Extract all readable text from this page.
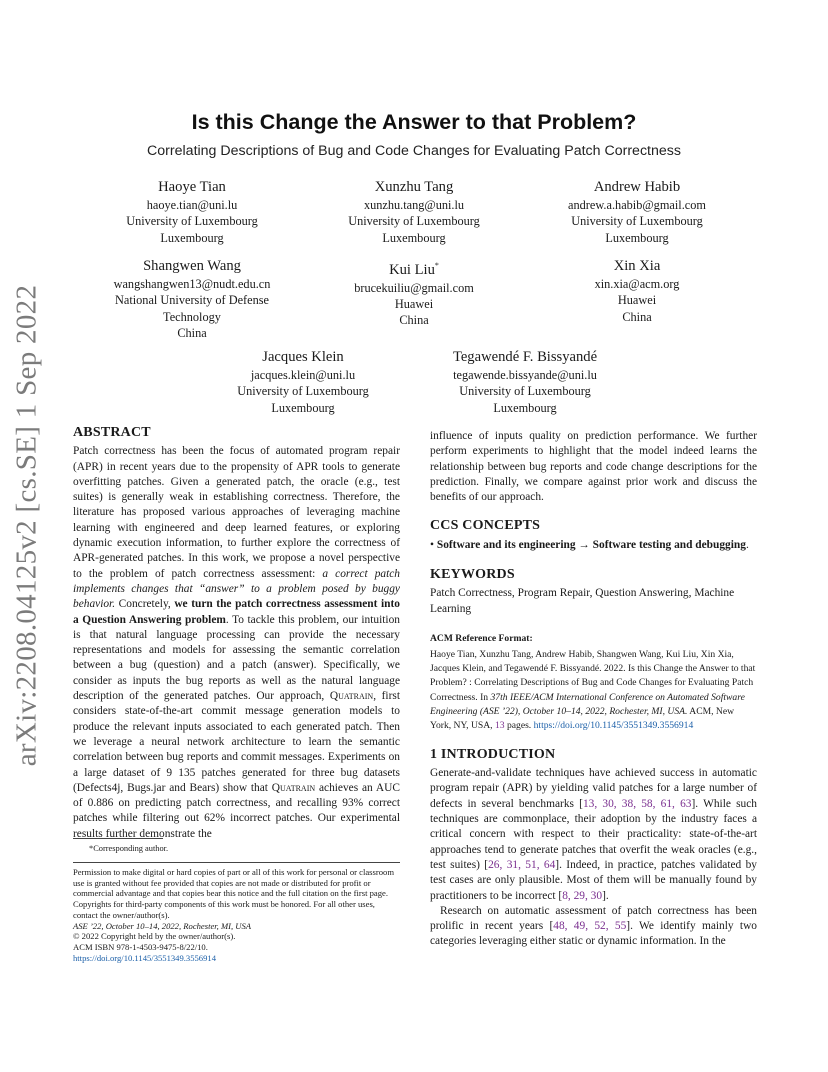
arXiv:2208.04125v2 [cs.SE] 1 Sep 2022
Is this Change the Answer to that Problem?
Correlating Descriptions of Bug and Code Changes for Evaluating Patch Correctness
Haoye Tian
haoye.tian@uni.lu
University of Luxembourg
Luxembourg
Xunzhu Tang
xunzhu.tang@uni.lu
University of Luxembourg
Luxembourg
Andrew Habib
andrew.a.habib@gmail.com
University of Luxembourg
Luxembourg
Shangwen Wang
wangshangwen13@nudt.edu.cn
National University of Defense
Technology
China
Kui Liu*
brucekuiliu@gmail.com
Huawei
China
Xin Xia
xin.xia@acm.org
Huawei
China
Jacques Klein
jacques.klein@uni.lu
University of Luxembourg
Luxembourg
Tegawendé F. Bissyandé
tegawende.bissyande@uni.lu
University of Luxembourg
Luxembourg
ABSTRACT

Patch correctness has been the focus of automated program repair (APR) in recent years due to the propensity of APR tools to generate overfitting patches. Given a generated patch, the oracle (e.g., test suites) is generally weak in establishing correctness. Therefore, the literature has proposed various approaches of leveraging machine learning with engineered and deep learned features, or exploring dynamic execution information, to further explore the correctness of APR-generated patches. In this work, we propose a novel perspective to the problem of patch correctness assessment: a correct patch implements changes that “answer” to a problem posed by buggy behavior. Concretely, we turn the patch correctness assessment into a Question Answering problem. To tackle this problem, our intuition is that natural language processing can provide the necessary representations and models for assessing the semantic correlation between a bug (question) and a patch (answer). Specifically, we consider as inputs the bug reports as well as the natural language description of the generated patches. Our approach, Quatrain, first considers state-of-the-art commit message generation models to produce the relevant inputs associated to each generated patch. Then we leverage a neural network architecture to learn the semantic correlation between bug reports and commit messages. Experiments on a large dataset of 9 135 patches generated for three bug datasets (Defects4j, Bugs.jar and Bears) show that Quatrain achieves an AUC of 0.886 on predicting patch correctness, and recalling 93% correct patches while filtering out 62% incorrect patches. Our experimental results further demonstrate the

*Corresponding author.
Permission to make digital or hard copies of part or all of this work for personal or classroom use is granted without fee provided that copies are not made or distributed for profit or commercial advantage and that copies bear this notice and the full citation on the first page. Copyrights for third-party components of this work must be honored. For all other uses, contact the owner/author(s).
ASE ’22, October 10–14, 2022, Rochester, MI, USA
© 2022 Copyright held by the owner/author(s).
ACM ISBN 978-1-4503-9475-8/22/10.
https://doi.org/10.1145/3551349.3556914

influence of inputs quality on prediction performance. We further perform experiments to highlight that the model indeed learns the relationship between bug reports and code change descriptions for the prediction. Finally, we compare against prior work and discuss the benefits of our approach.

CCS CONCEPTS

• Software and its engineering → Software testing and debugging.

KEYWORDS

Patch Correctness, Program Repair, Question Answering, Machine Learning

ACM Reference Format:

Haoye Tian, Xunzhu Tang, Andrew Habib, Shangwen Wang, Kui Liu, Xin Xia, Jacques Klein, and Tegawendé F. Bissyandé. 2022. Is this Change the Answer to that Problem? : Correlating Descriptions of Bug and Code Changes for Evaluating Patch Correctness. In 37th IEEE/ACM International Conference on Automated Software Engineering (ASE ’22), October 10–14, 2022, Rochester, MI, USA. ACM, New York, NY, USA, 13 pages. https://doi.org/10.1145/3551349.3556914

1 INTRODUCTION

Generate-and-validate techniques have achieved success in automatic program repair (APR) by yielding valid patches for a large number of defects in several benchmarks [13, 30, 38, 58, 61, 63]. While such techniques are commonplace, their adoption by the industry faces a critical concern with respect to their practicality: state-of-the-art approaches tend to generate patches that overfit the weak oracles (e.g., test suites) [26, 31, 51, 64]. Indeed, in practice, patches validated by test cases are only plausible. Most of them will be manually found by practitioners to be incorrect [8, 29, 30].

Research on automatic assessment of patch correctness has been prolific in recent years [48, 49, 52, 55]. We identify mainly two categories leveraging either static or dynamic information. In the
